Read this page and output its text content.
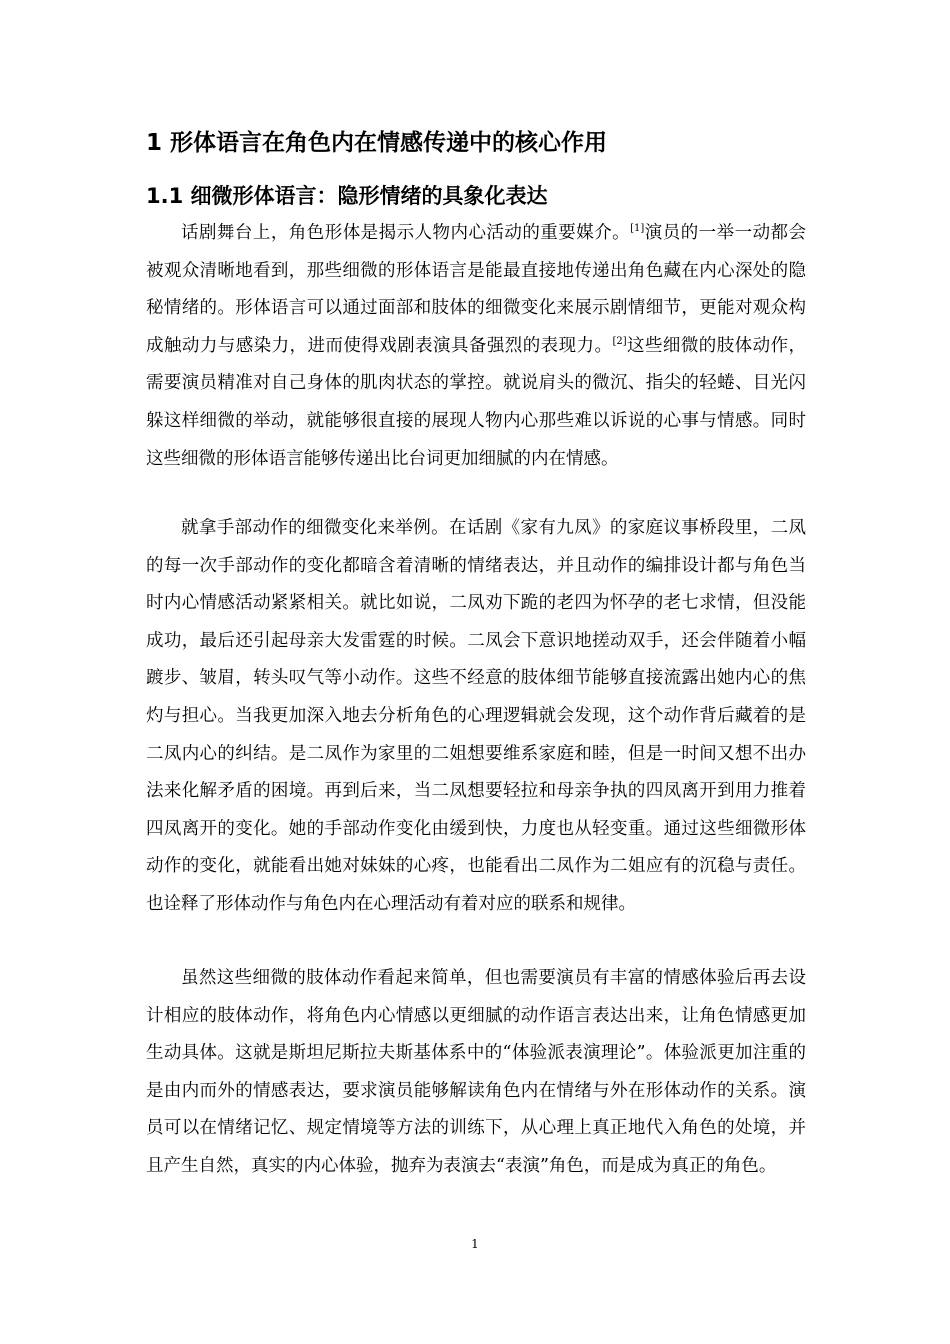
1 形体语言在角色内在情感传递中的核心作用
1.1 细微形体语言：隐形情绪的具象化表达

话剧舞台上，角色形体是揭示人物内心活动的重要媒介。[1]演员的一举一动都会被观众清晰地看到，那些细微的形体语言是能最直接地传递出角色藏在内心深处的隐秘情绪的。形体语言可以通过面部和肢体的细微变化来展示剧情细节，更能对观众构成触动力与感染力，进而使得戏剧表演具备强烈的表现力。[2]这些细微的肢体动作，需要演员精准对自己身体的肌肉状态的掌控。就说肩头的微沉、指尖的轻蜷、目光闪躲这样细微的举动，就能够很直接的展现人物内心那些难以诉说的心事与情感。同时这些细微的形体语言能够传递出比台词更加细腻的内在情感。

就拿手部动作的细微变化来举例。在话剧《家有九凤》的家庭议事桥段里，二凤的每一次手部动作的变化都暗含着清晰的情绪表达，并且动作的编排设计都与角色当时内心情感活动紧紧相关。就比如说，二凤劝下跪的老四为怀孕的老七求情，但没能成功，最后还引起母亲大发雷霆的时候。二凤会下意识地搓动双手，还会伴随着小幅踱步、皱眉，转头叹气等小动作。这些不经意的肢体细节能够直接流露出她内心的焦灼与担心。当我更加深入地去分析角色的心理逻辑就会发现，这个动作背后藏着的是二凤内心的纠结。是二凤作为家里的二姐想要维系家庭和睦，但是一时间又想不出办法来化解矛盾的困境。再到后来，当二凤想要轻拉和母亲争执的四凤离开到用力推着四凤离开的变化。她的手部动作变化由缓到快，力度也从轻变重。通过这些细微形体动作的变化，就能看出她对妹妹的心疼，也能看出二凤作为二姐应有的沉稳与责任。也诠释了形体动作与角色内在心理活动有着对应的联系和规律。

虽然这些细微的肢体动作看起来简单，但也需要演员有丰富的情感体验后再去设计相应的肢体动作，将角色内心情感以更细腻的动作语言表达出来，让角色情感更加生动具体。这就是斯坦尼斯拉夫斯基体系中的“体验派表演理论”。体验派更加注重的是由内而外的情感表达，要求演员能够解读角色内在情绪与外在形体动作的关系。演员可以在情绪记忆、规定情境等方法的训练下，从心理上真正地代入角色的处境，并且产生自然，真实的内心体验，抛弃为表演去“表演”角色，而是成为真正的角色。

1
